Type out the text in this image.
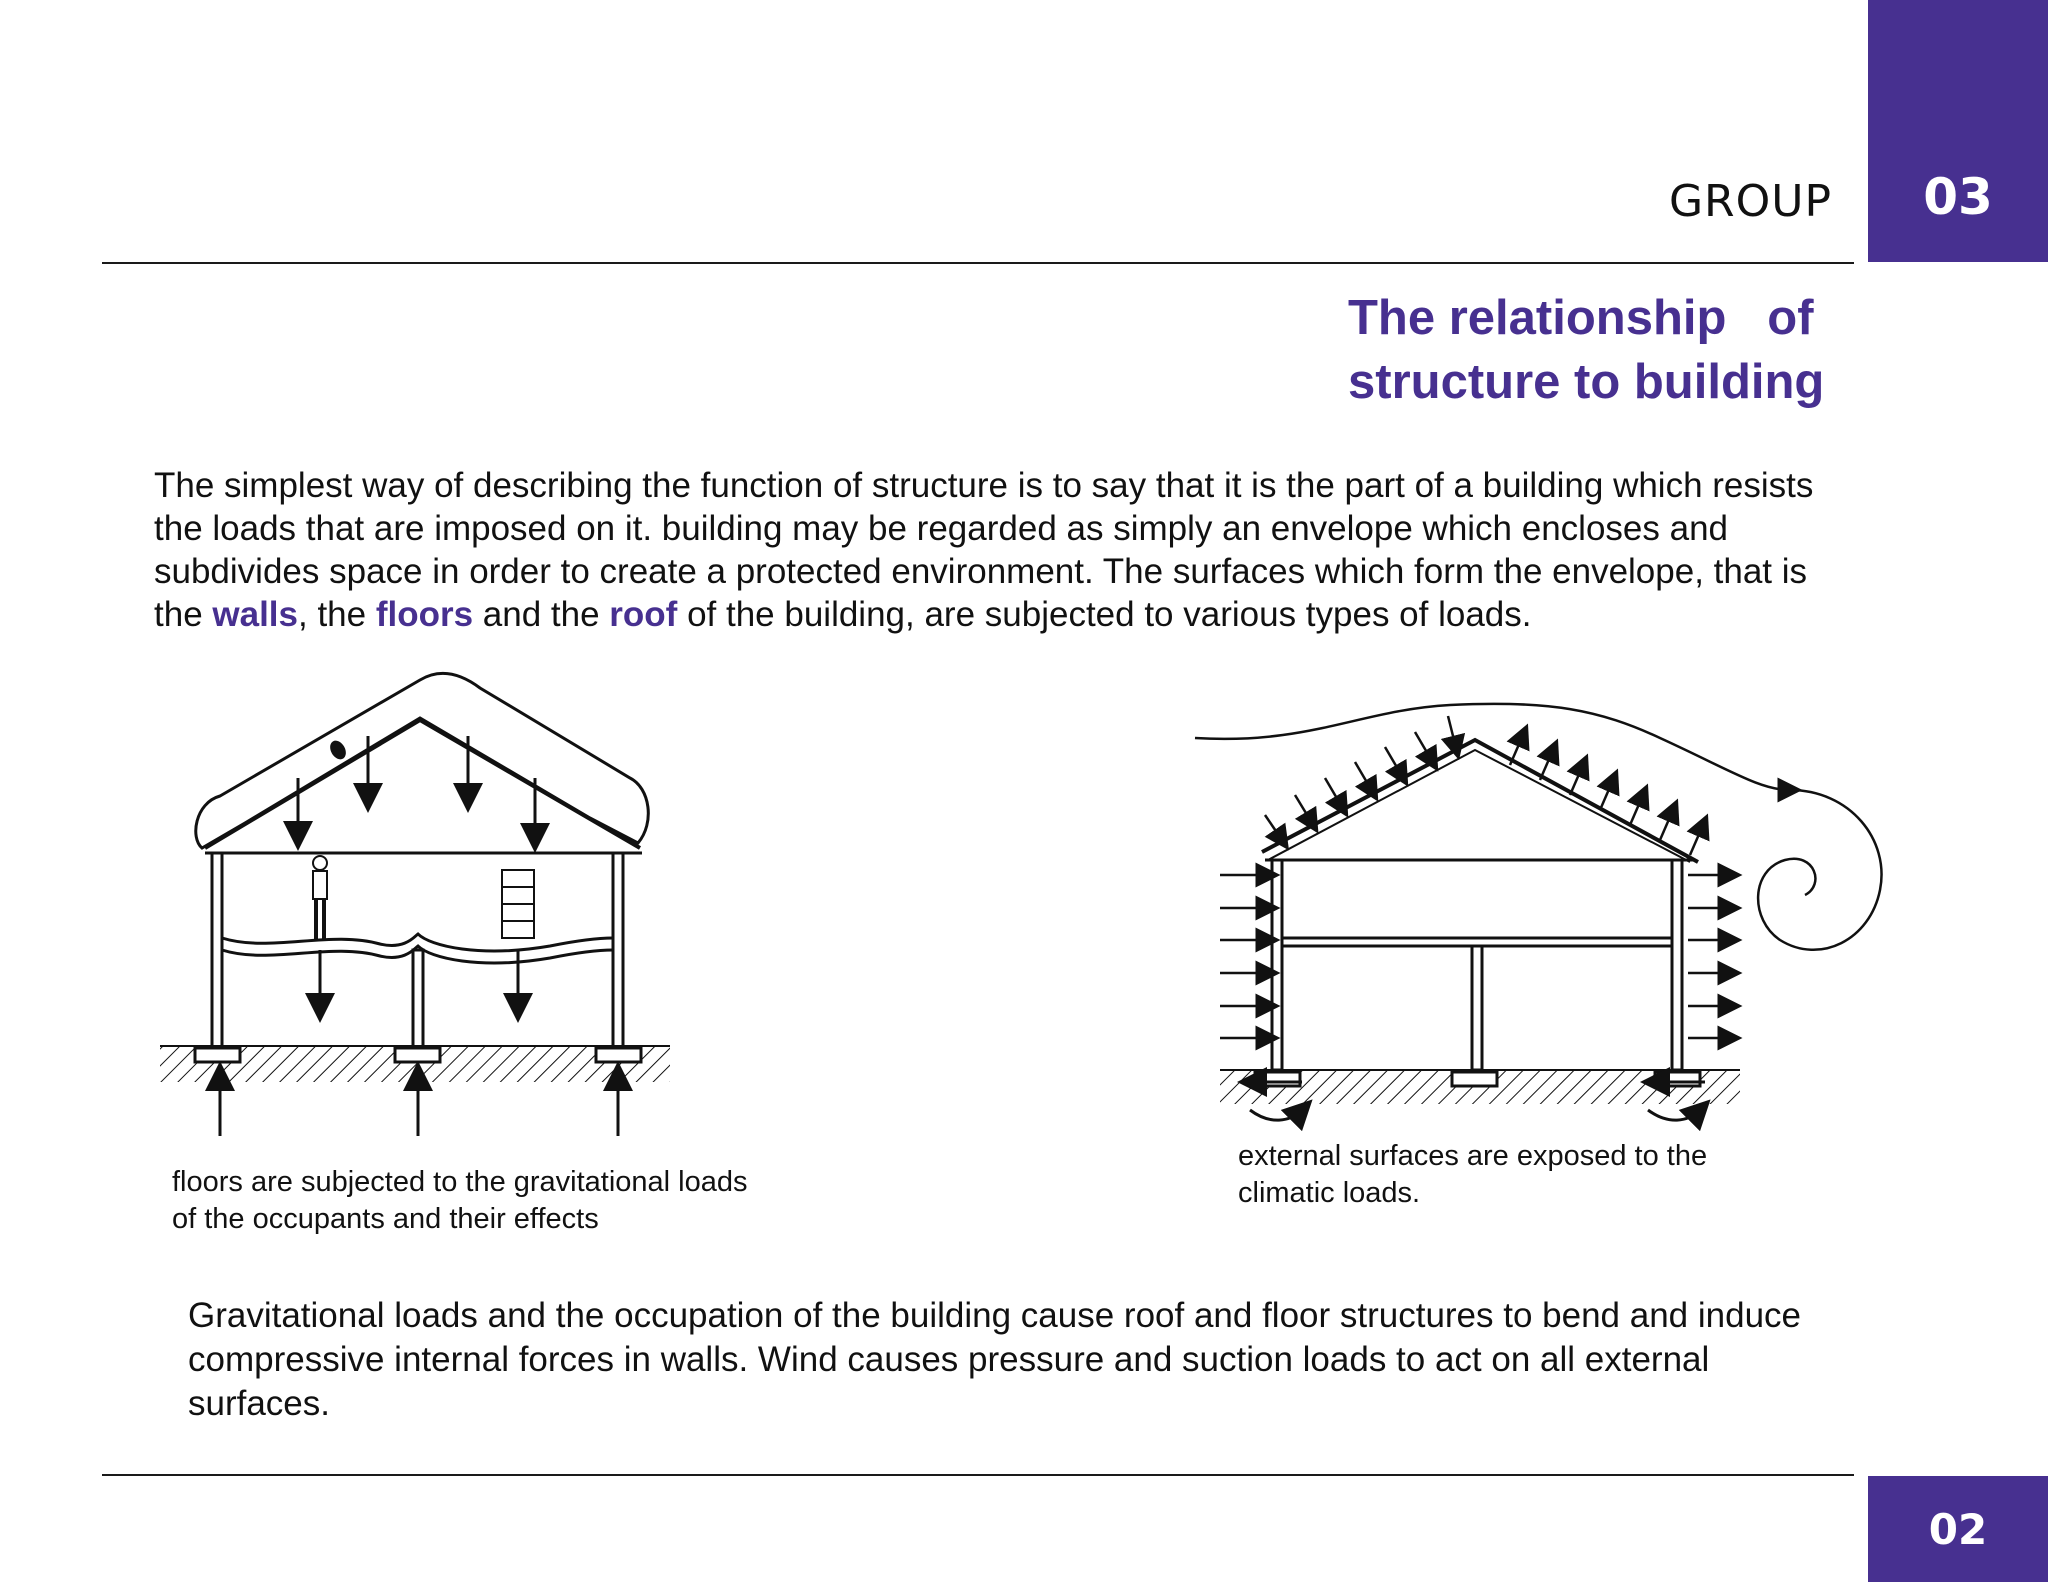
GROUP	03
The relationship   of
structure to building
The simplest way of describing the function of structure is to say that it is the part of a building which resists the loads that are imposed on it. building may be regarded as simply an envelope which encloses and subdivides space in order to create a protected environment. The surfaces which form the envelope, that is the walls, the floors and the roof of the building, are subjected to various types of loads.
floors are subjected to the gravitational loads
of the occupants and their effects
external surfaces are exposed to the
climatic loads.
Gravitational loads and the occupation of the building cause roof and floor structures to bend and induce compressive internal forces in walls. Wind causes pressure and suction loads to act on all external surfaces.
02
